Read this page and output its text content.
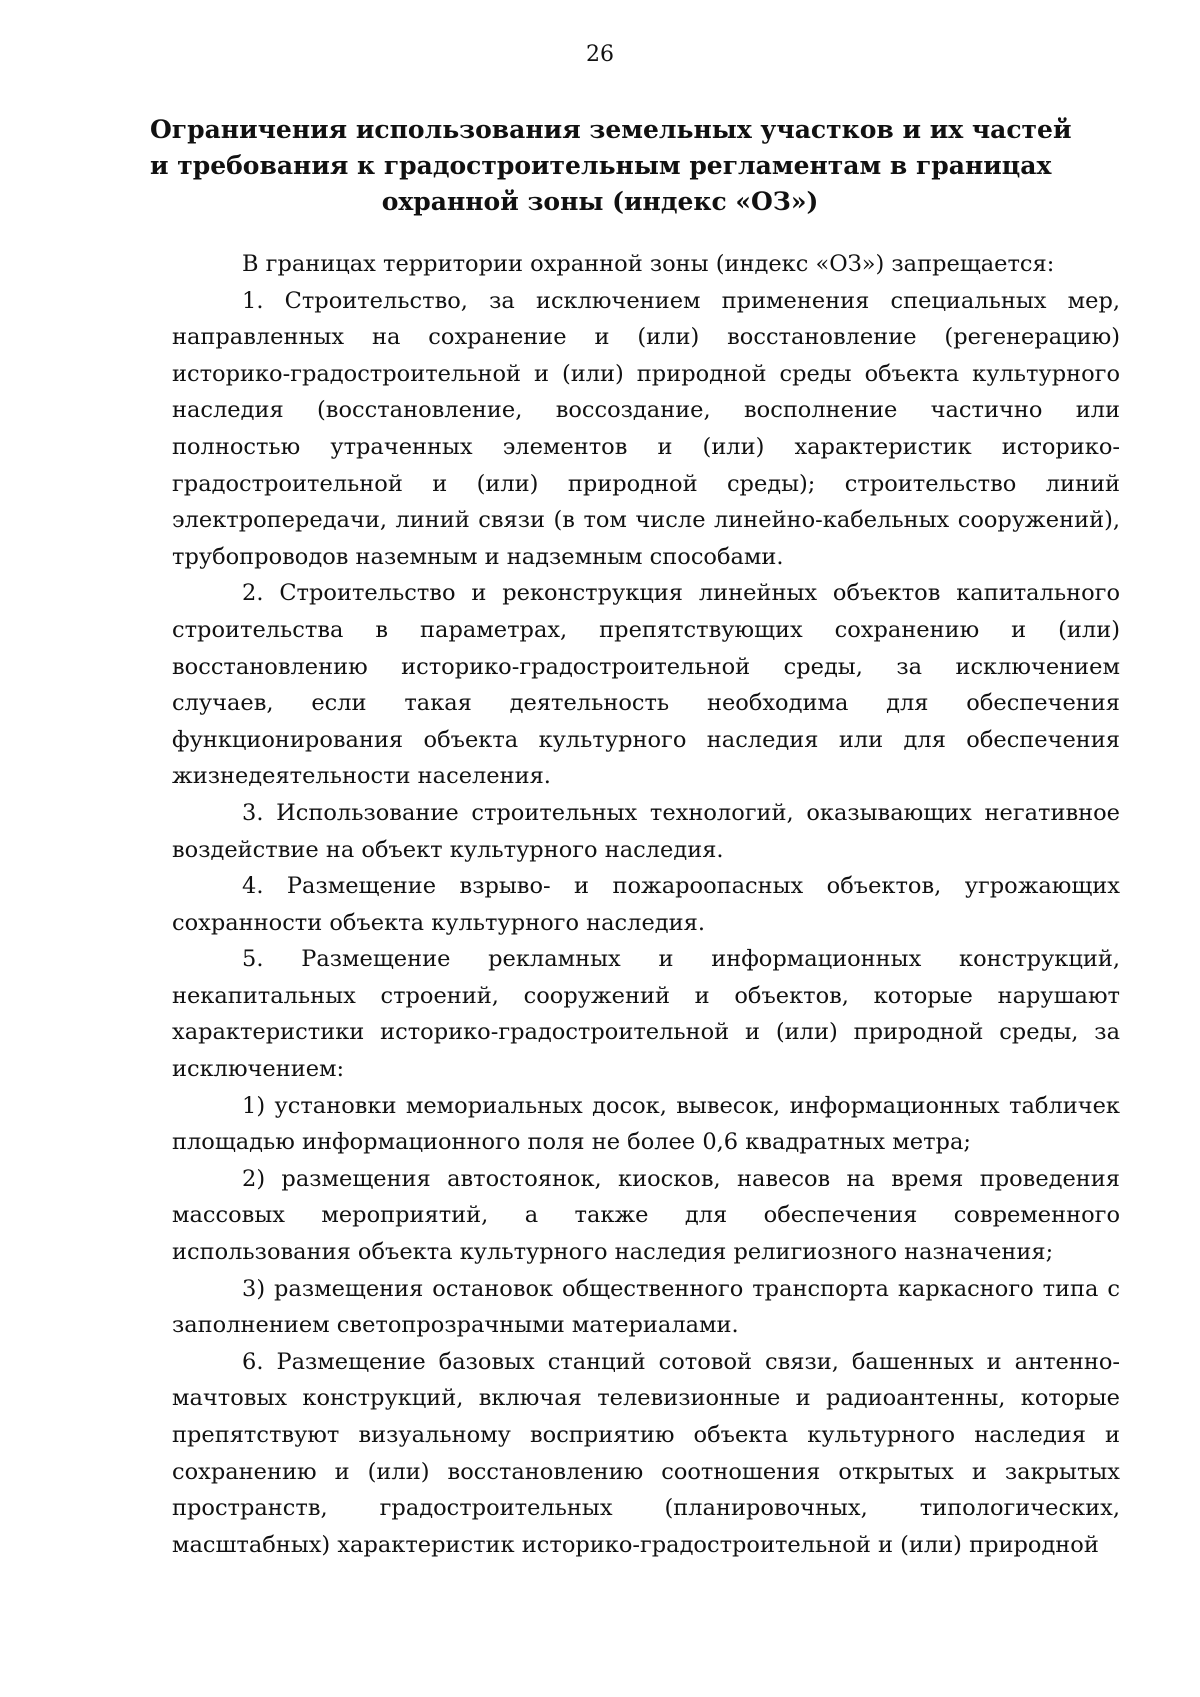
26
Ограничения использования земельных участков и их частей
и требования к градостроительным регламентам в границах
охранной зоны (индекс «ОЗ»)

В границах территории охранной зоны (индекс «ОЗ») запрещается:

1. Строительство, за исключением применения специальных мер, направленных на сохранение и (или) восстановление (регенерацию) историко-градостроительной и (или) природной среды объекта культурного наследия (восстановление, воссоздание, восполнение частично или полностью утраченных элементов и (или) характеристик историко-градостроительной и (или) природной среды); строительство линий электропередачи, линий связи (в том числе линейно-кабельных сооружений), трубопроводов наземным и надземным способами.

2. Строительство и реконструкция линейных объектов капитального строительства в параметрах, препятствующих сохранению и (или) восстановлению историко-градостроительной среды, за исключением случаев, если такая деятельность необходима для обеспечения функционирования объекта культурного наследия или для обеспечения жизнедеятельности населения.

3. Использование строительных технологий, оказывающих негативное воздействие на объект культурного наследия.

4. Размещение взрыво- и пожароопасных объектов, угрожающих сохранности объекта культурного наследия.

5. Размещение рекламных и информационных конструкций, некапитальных строений, сооружений и объектов, которые нарушают характеристики историко-градостроительной и (или) природной среды, за исключением:

1) установки мемориальных досок, вывесок, информационных табличек площадью информационного поля не более 0,6 квадратных метра;

2) размещения автостоянок, киосков, навесов на время проведения массовых мероприятий, а также для обеспечения современного использования объекта культурного наследия религиозного назначения;

3) размещения остановок общественного транспорта каркасного типа с заполнением светопрозрачными материалами.

6. Размещение базовых станций сотовой связи, башенных и антенно-мачтовых конструкций, включая телевизионные и радиоантенны, которые препятствуют визуальному восприятию объекта культурного наследия и сохранению и (или) восстановлению соотношения открытых и закрытых пространств, градостроительных (планировочных, типологических, масштабных) характеристик историко-градостроительной и (или) природной
